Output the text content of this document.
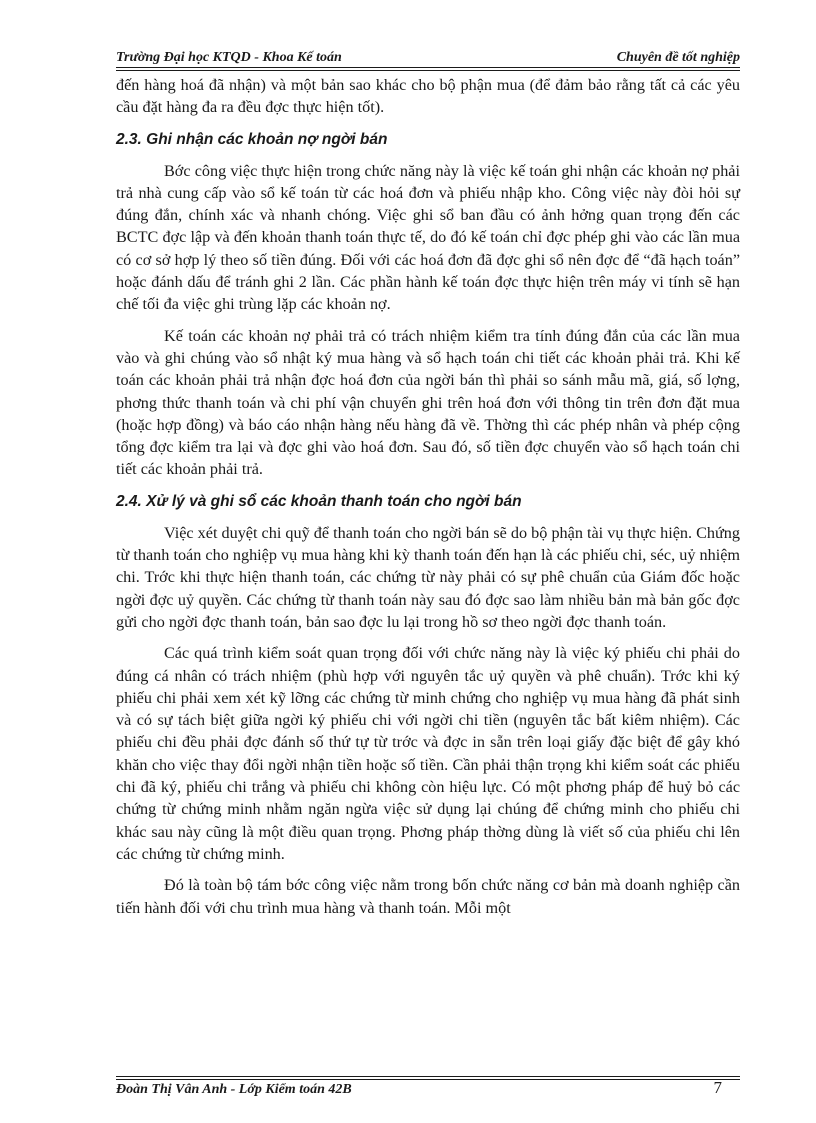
Trường Đại học KTQD - Khoa Kế toán	Chuyên đề tốt nghiệp

đến hàng hoá đã nhận) và một bản sao khác cho bộ phận mua (để đảm bảo rằng tất cả các yêu cầu đặt hàng đa ra đều đợc thực hiện tốt).

2.3. Ghi nhận các khoản nợ ngời bán

Bớc công việc thực hiện trong chức năng này là việc kế toán ghi nhận các khoản nợ phải trả nhà cung cấp vào sổ kế toán từ các hoá đơn và phiếu nhập kho. Công việc này đòi hỏi sự đúng đắn, chính xác và nhanh chóng. Việc ghi sổ ban đầu có ảnh hởng quan trọng đến các BCTC đợc lập và đến khoản thanh toán thực tế, do đó kế toán chỉ đợc phép ghi vào các lần mua có cơ sở hợp lý theo số tiền đúng. Đối với các hoá đơn đã đợc ghi sổ nên đợc để “đã hạch toán” hoặc đánh dấu để tránh ghi 2 lần. Các phần hành kế toán đợc thực hiện trên máy vi tính sẽ hạn chế tối đa việc ghi trùng lặp các khoản nợ.

Kế toán các khoản nợ phải trả có trách nhiệm kiểm tra tính đúng đắn của các lần mua vào và ghi chúng vào sổ nhật ký mua hàng và sổ hạch toán chi tiết các khoản phải trả. Khi kế toán các khoản phải trả nhận đợc hoá đơn của ngời bán thì phải so sánh mẫu mã, giá, số lợng, phơng thức thanh toán và chi phí vận chuyển ghi trên hoá đơn với thông tin trên đơn đặt mua (hoặc hợp đồng) và báo cáo nhận hàng nếu hàng đã về. Thờng thì các phép nhân và phép cộng tổng đợc kiểm tra lại và đợc ghi vào hoá đơn. Sau đó, số tiền đợc chuyển vào sổ hạch toán chi tiết các khoản phải trả.

2.4. Xử lý và ghi sổ các khoản thanh toán cho ngời bán

Việc xét duyệt chi quỹ để thanh toán cho ngời bán sẽ do bộ phận tài vụ thực hiện. Chứng từ thanh toán cho nghiệp vụ mua hàng khi kỳ thanh toán đến hạn là các phiếu chi, séc, uỷ nhiệm chi. Trớc khi thực hiện thanh toán, các chứng từ này phải có sự phê chuẩn của Giám đốc hoặc ngời đợc uỷ quyền. Các chứng từ thanh toán này sau đó đợc sao làm nhiều bản mà bản gốc đợc gửi cho ngời đợc thanh toán, bản sao đợc lu lại trong hồ sơ theo ngời đợc thanh toán.

Các quá trình kiểm soát quan trọng đối với chức năng này là việc ký phiếu chi phải do đúng cá nhân có trách nhiệm (phù hợp với nguyên tắc uỷ quyền và phê chuẩn). Trớc khi ký phiếu chi phải xem xét kỹ lỡng các chứng từ minh chứng cho nghiệp vụ mua hàng đã phát sinh và có sự tách biệt giữa ngời ký phiếu chi với ngời chi tiền (nguyên tắc bất kiêm nhiệm). Các phiếu chi đều phải đợc đánh số thứ tự từ trớc và đợc in sẵn trên loại giấy đặc biệt để gây khó khăn cho việc thay đổi ngời nhận tiền hoặc số tiền. Cần phải thận trọng khi kiểm soát các phiếu chi đã ký, phiếu chi trắng và phiếu chi không còn hiệu lực. Có một phơng pháp để huỷ bỏ các chứng từ chứng minh nhằm ngăn ngừa việc sử dụng lại chúng để chứng minh cho phiếu chi khác sau này cũng là một điều quan trọng. Phơng pháp thờng dùng là viết số của phiếu chi lên các chứng từ chứng minh.

Đó là toàn bộ tám bớc công việc nằm trong bốn chức năng cơ bản mà doanh nghiệp cần tiến hành đối với chu trình mua hàng và thanh toán. Mỗi một

Đoàn Thị Vân Anh - Lớp Kiểm toán 42B	7
